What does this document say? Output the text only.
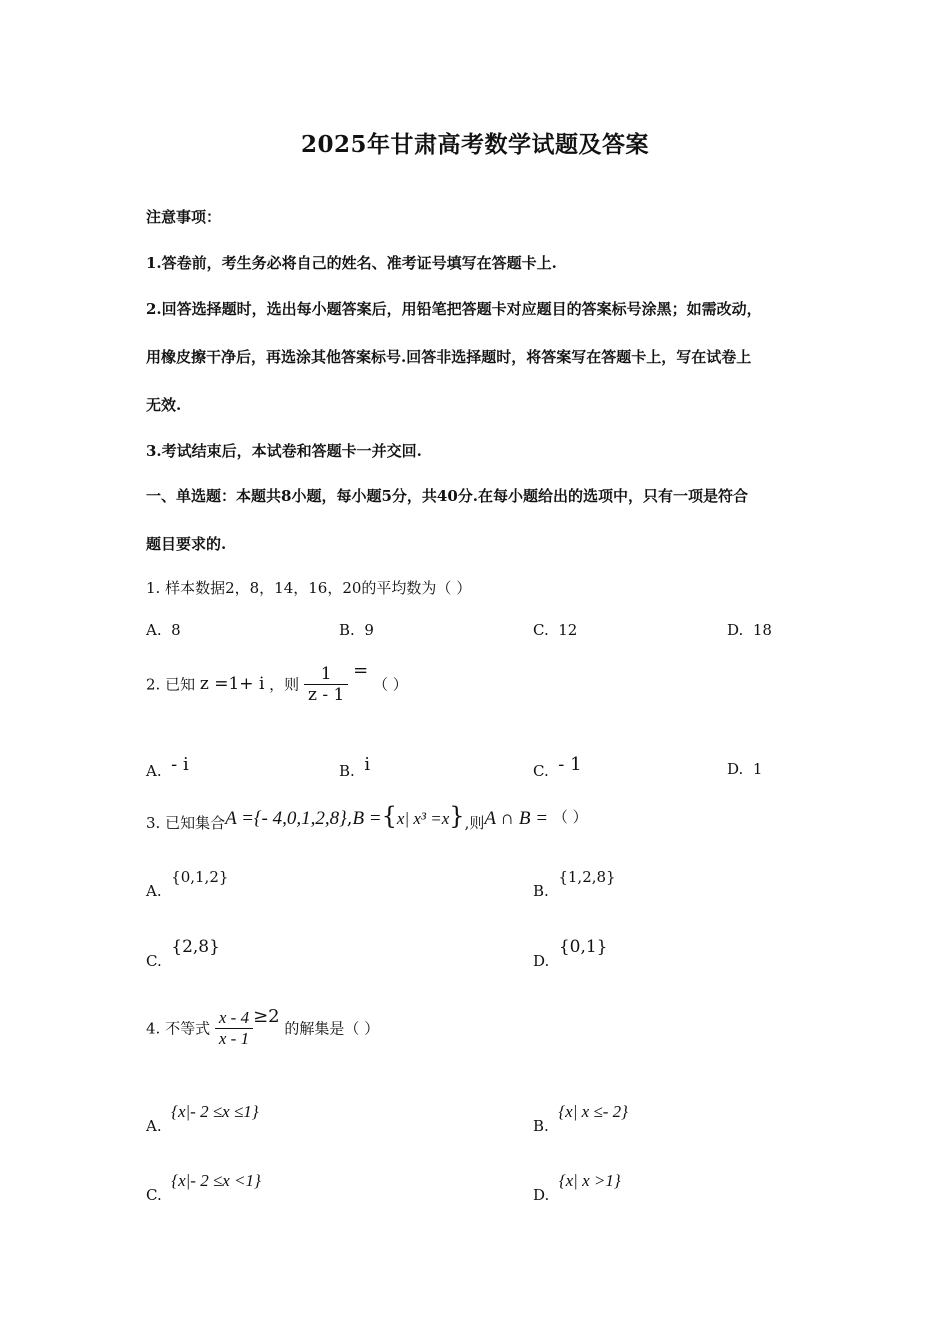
2025年甘肃高考数学试题及答案
注意事项：
1.答卷前，考生务必将自己的姓名、准考证号填写在答题卡上.
2.回答选择题时，选出每小题答案后，用铅笔把答题卡对应题目的答案标号涂黑；如需改动，
用橡皮擦干净后，再选涂其他答案标号.回答非选择题时，将答案写在答题卡上，写在试卷上
无效.
3.考试结束后，本试卷和答题卡一并交回.
一、单选题：本题共8小题，每小题5分，共40分.在每小题给出的选项中，只有一项是符合
题目要求的.
1. 样本数据2，8，14，16，20的平均数为（ ）
A. 8	B. 9	C. 12	D. 18
2. 已知 z =1+ i ，则 $\frac{1}{z - 1}$ = （ ）
A. - i	B. i	C. - 1	D. 1
3. 已知集合A ={- 4,0,1,2,8},B ={x| x³ =x},则A ∩ B = （ ）
A.  {0,1,2}
B.  {1,2,8}
C.  {2,8}
D.  {0,1}
4. 不等式 $\frac{x - 4}{x - 1} \ge 2$ 的解集是（ ）
A.  {x|- 2 ≤x ≤1}
B.  {x| x ≤- 2}
C.  {x|- 2 ≤x <1}
D.  {x| x >1}
